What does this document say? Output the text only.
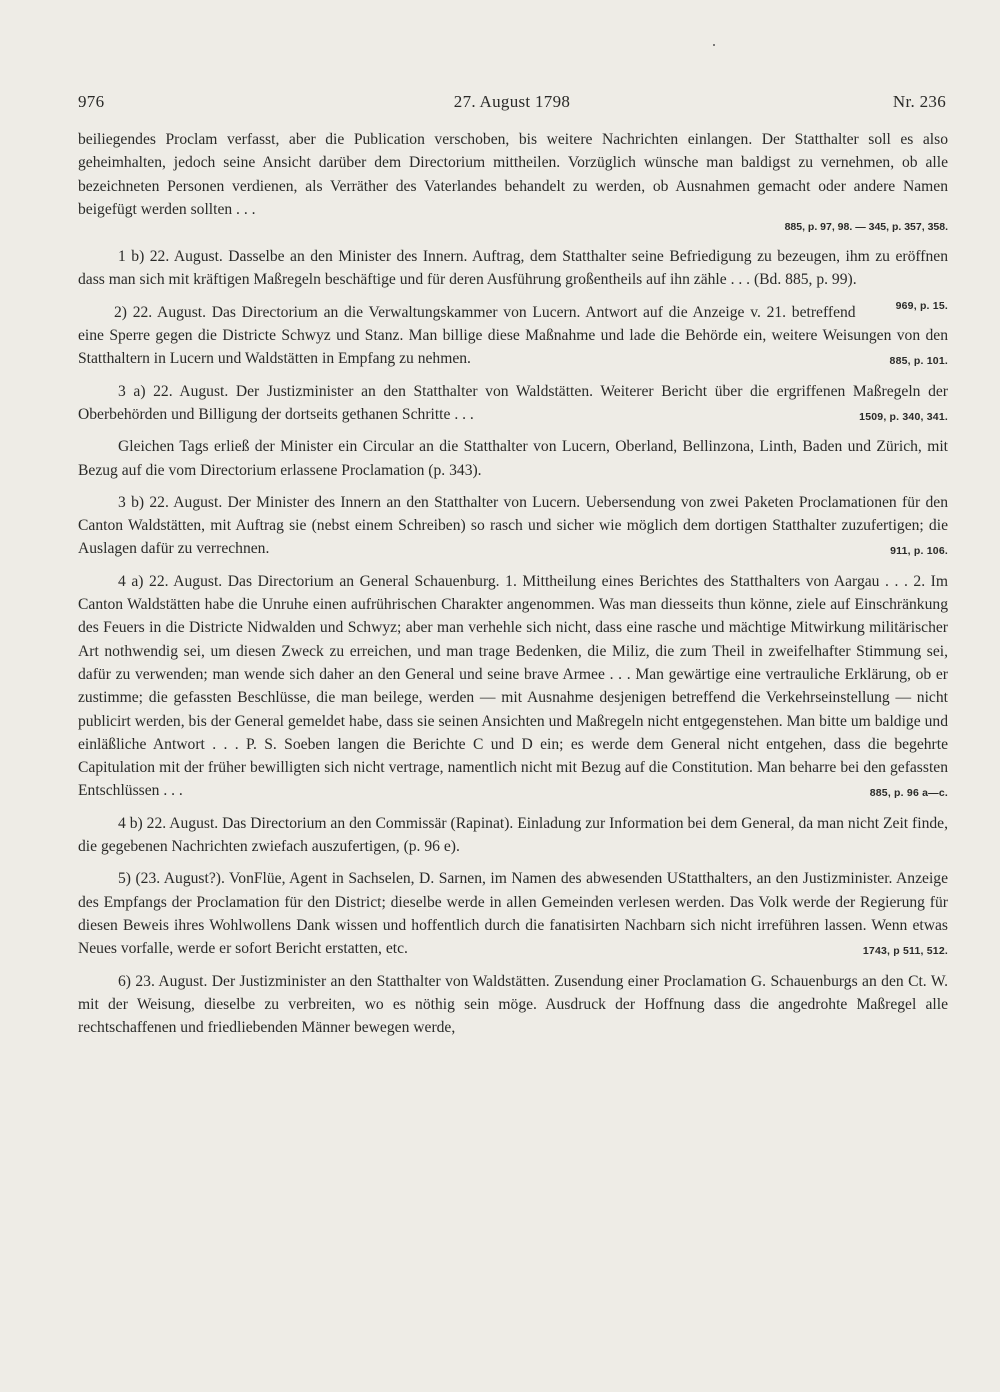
976	27. August 1798	Nr. 236
beiliegendes Proclam verfasst, aber die Publication verschoben, bis weitere Nachrichten einlangen. Der Statthalter soll es also geheimhalten, jedoch seine Ansicht darüber dem Directorium mittheilen. Vorzüglich wünsche man baldigst zu vernehmen, ob alle bezeichneten Personen verdienen, als Verräther des Vaterlandes behandelt zu werden, ob Ausnahmen gemacht oder andere Namen beigefügt werden sollten . . .
885, p. 97, 98. — 345, p. 357, 358.
1 b) 22. August. Dasselbe an den Minister des Innern. Auftrag, dem Statthalter seine Befriedigung zu bezeugen, ihm zu eröffnen dass man sich mit kräftigen Maßregeln beschäftige und für deren Ausführung großentheils auf ihn zähle . . . (Bd. 885, p. 99).
969, p. 15.
2) 22. August. Das Directorium an die Verwaltungskammer von Lucern. Antwort auf die Anzeige v. 21. betreffend eine Sperre gegen die Districte Schwyz und Stanz. Man billige diese Maßnahme und lade die Behörde ein, weitere Weisungen von den Statthaltern in Lucern und Waldstätten in Empfang zu nehmen.	885, p. 101.
3 a) 22. August. Der Justizminister an den Statthalter von Waldstätten. Weiterer Bericht über die ergriffenen Maßregeln der Oberbehörden und Billigung der dortseits gethanen Schritte . . .	1509, p. 340, 341.
Gleichen Tags erließ der Minister ein Circular an die Statthalter von Lucern, Oberland, Bellinzona, Linth, Baden und Zürich, mit Bezug auf die vom Directorium erlassene Proclamation (p. 343).
3 b) 22. August. Der Minister des Innern an den Statthalter von Lucern. Uebersendung von zwei Paketen Proclamationen für den Canton Waldstätten, mit Auftrag sie (nebst einem Schreiben) so rasch und sicher wie möglich dem dortigen Statthalter zuzufertigen; die Auslagen dafür zu verrechnen.	911, p. 106.
4 a) 22. August. Das Directorium an General Schauenburg. 1. Mittheilung eines Berichtes des Statthalters von Aargau . . . 2. Im Canton Waldstätten habe die Unruhe einen aufrührischen Charakter angenommen. Was man diesseits thun könne, ziele auf Einschränkung des Feuers in die Districte Nidwalden und Schwyz; aber man verhehle sich nicht, dass eine rasche und mächtige Mitwirkung militärischer Art nothwendig sei, um diesen Zweck zu erreichen, und man trage Bedenken, die Miliz, die zum Theil in zweifelhafter Stimmung sei, dafür zu verwenden; man wende sich daher an den General und seine brave Armee . . . Man gewärtige eine vertrauliche Erklärung, ob er zustimme; die gefassten Beschlüsse, die man beilege, werden — mit Ausnahme desjenigen betreffend die Verkehrseinstellung — nicht publicirt werden, bis der General gemeldet habe, dass sie seinen Ansichten und Maßregeln nicht entgegenstehen. Man bitte um baldige und einläßliche Antwort . . . P. S. Soeben langen die Berichte C und D ein; es werde dem General nicht entgehen, dass die begehrte Capitulation mit der früher bewilligten sich nicht vertrage, namentlich nicht mit Bezug auf die Constitution. Man beharre bei den gefassten Entschlüssen . . .	885, p. 96 a—c.
4 b) 22. August. Das Directorium an den Commissär (Rapinat). Einladung zur Information bei dem General, da man nicht Zeit finde, die gegebenen Nachrichten zwiefach auszufertigen, (p. 96 e).
5) (23. August?). VonFlüe, Agent in Sachselen, D. Sarnen, im Namen des abwesenden UStatthalters, an den Justizminister. Anzeige des Empfangs der Proclamation für den District; dieselbe werde in allen Gemeinden verlesen werden. Das Volk werde der Regierung für diesen Beweis ihres Wohlwollens Dank wissen und hoffentlich durch die fanatisirten Nachbarn sich nicht irreführen lassen. Wenn etwas Neues vorfalle, werde er sofort Bericht erstatten, etc.	1743, p 511, 512.
6) 23. August. Der Justizminister an den Statthalter von Waldstätten. Zusendung einer Proclamation G. Schauenburgs an den Ct. W. mit der Weisung, dieselbe zu verbreiten, wo es nöthig sein möge. Ausdruck der Hoffnung dass die angedrohte Maßregel alle rechtschaffenen und friedliebenden Männer bewegen werde,
